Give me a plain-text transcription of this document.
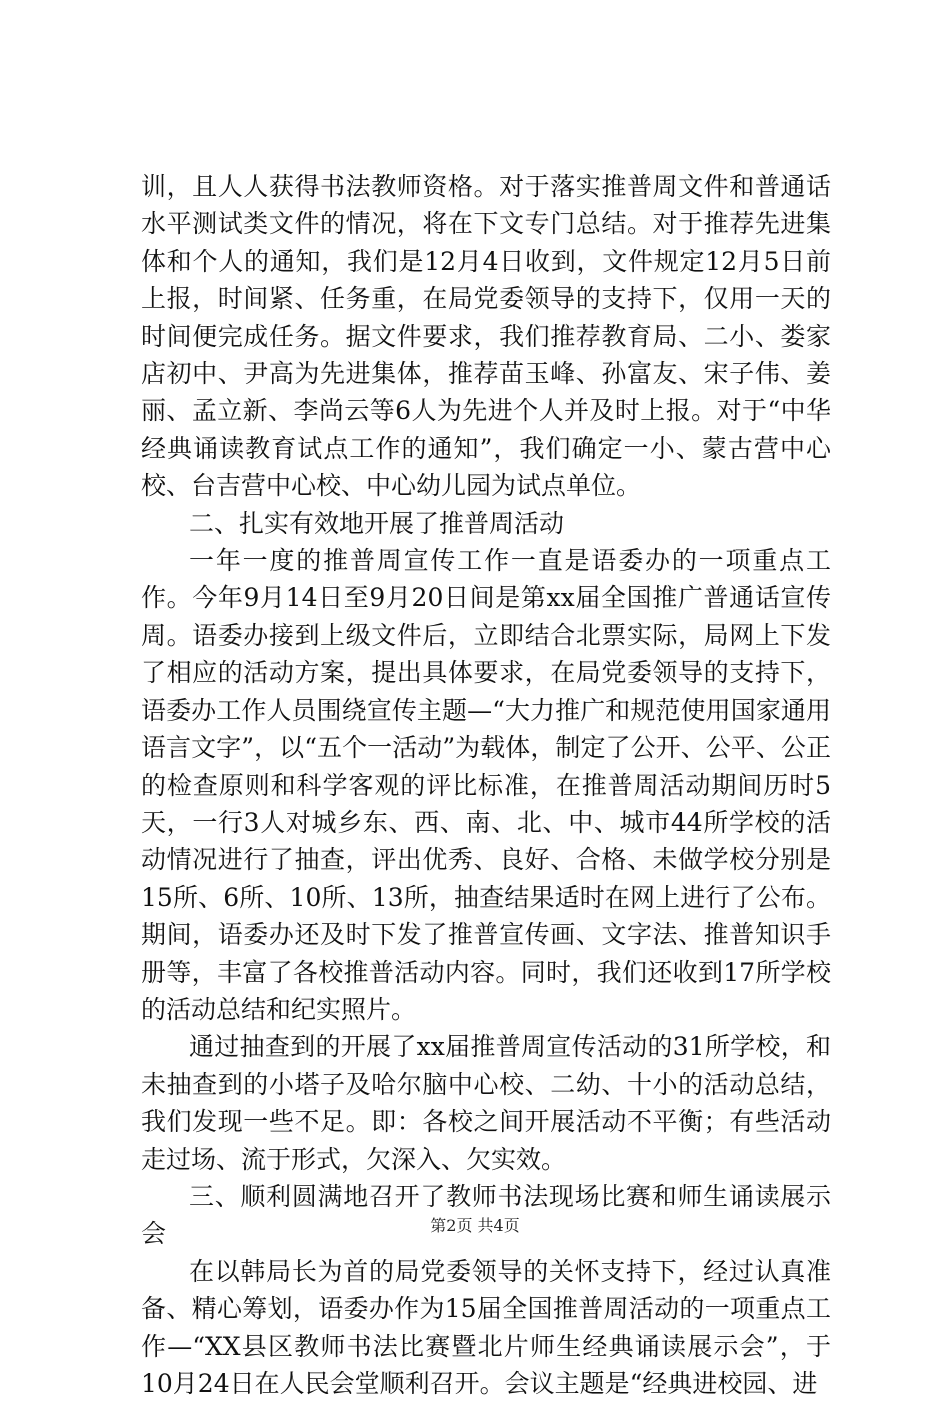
训，且人人获得书法教师资格。对于落实推普周文件和普通话水平测试类文件的情况，将在下文专门总结。对于推荐先进集体和个人的通知，我们是12月4日收到，文件规定12月5日前上报，时间紧、任务重，在局党委领导的支持下，仅用一天的时间便完成任务。据文件要求，我们推荐教育局、二小、娄家店初中、尹高为先进集体，推荐苗玉峰、孙富友、宋子伟、姜丽、孟立新、李尚云等6人为先进个人并及时上报。对于“中华经典诵读教育试点工作的通知”，我们确定一小、蒙古营中心校、台吉营中心校、中心幼儿园为试点单位。

二、扎实有效地开展了推普周活动

一年一度的推普周宣传工作一直是语委办的一项重点工作。今年9月14日至9月20日间是第xx届全国推广普通话宣传周。语委办接到上级文件后，立即结合北票实际，局网上下发了相应的活动方案，提出具体要求，在局党委领导的支持下，语委办工作人员围绕宣传主题—“大力推广和规范使用国家通用语言文字”，以“五个一活动”为载体，制定了公开、公平、公正的检查原则和科学客观的评比标准，在推普周活动期间历时5天，一行3人对城乡东、西、南、北、中、城市44所学校的活动情况进行了抽查，评出优秀、良好、合格、未做学校分别是15所、6所、10所、13所，抽查结果适时在网上进行了公布。期间，语委办还及时下发了推普宣传画、文字法、推普知识手册等，丰富了各校推普活动内容。同时，我们还收到17所学校的活动总结和纪实照片。

通过抽查到的开展了xx届推普周宣传活动的31所学校，和未抽查到的小塔子及哈尔脑中心校、二幼、十小的活动总结，我们发现一些不足。即：各校之间开展活动不平衡；有些活动走过场、流于形式，欠深入、欠实效。

三、顺利圆满地召开了教师书法现场比赛和师生诵读展示会

在以韩局长为首的局党委领导的关怀支持下，经过认真准备、精心筹划，语委办作为15届全国推普周活动的一项重点工作—“XX县区教师书法比赛暨北片师生经典诵读展示会”，于10月24日在人民会堂顺利召开。会议主题是“经典进校园、进

第2页 共4页
